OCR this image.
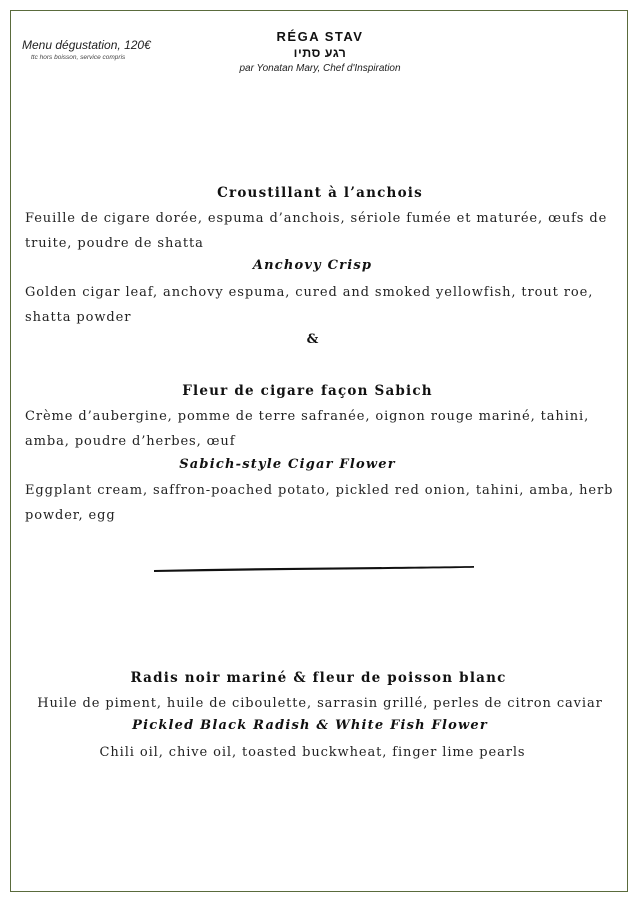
Menu dégustation, 120€
ttc hors boisson, service compris
RÉGA STAV
רגע סתיו
par Yonatan Mary, Chef d'Inspiration
Croustillant à l’anchois
Feuille de cigare dorée, espuma d’anchois, sériole fumée et maturée, œufs de truite, poudre de shatta
Anchovy Crisp
Golden cigar leaf, anchovy espuma, cured and smoked yellowfish, trout roe, shatta powder
&
Fleur de cigare façon Sabich
Crème d’aubergine, pomme de terre safranée, oignon rouge mariné, tahini, amba, poudre d’herbes, œuf
Sabich-style Cigar Flower
Eggplant cream, saffron-poached potato, pickled red onion, tahini, amba, herb powder, egg
Radis noir mariné & fleur de poisson blanc
Huile de piment, huile de ciboulette, sarrasin grillé, perles de citron caviar
Pickled Black Radish & White Fish Flower
Chili oil, chive oil, toasted buckwheat, finger lime pearls
